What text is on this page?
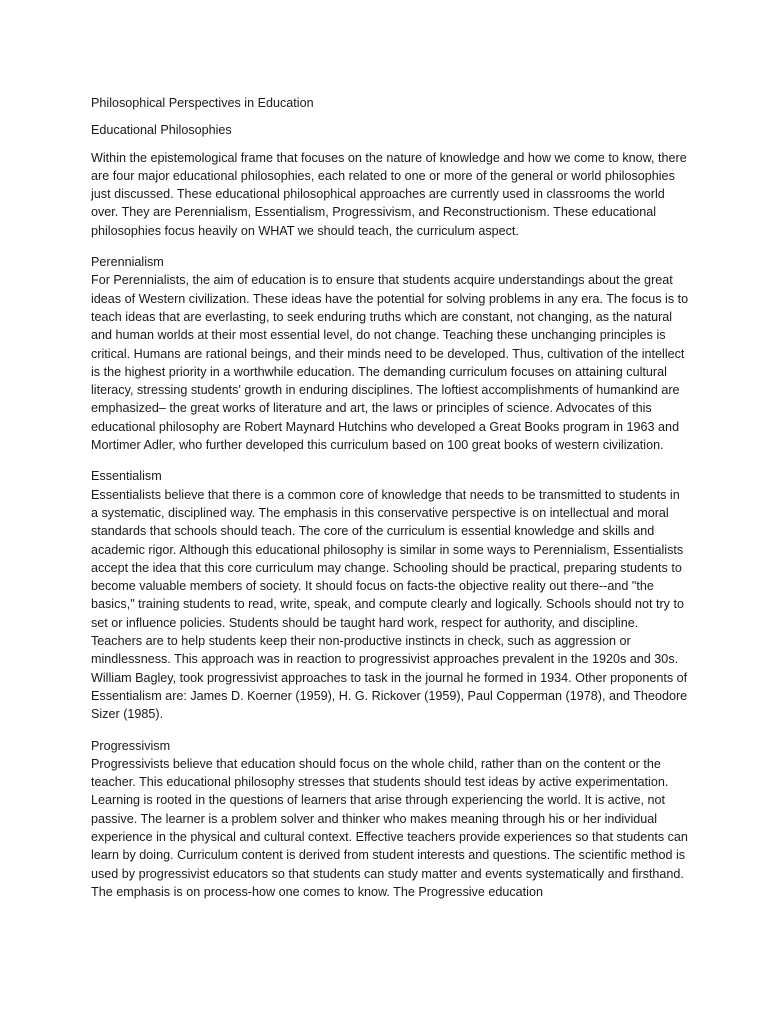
Philosophical Perspectives in Education

Educational Philosophies

Within the epistemological frame that focuses on the nature of knowledge and how we come to know, there are four major educational philosophies, each related to one or more of the general or world philosophies just discussed. These educational philosophical approaches are currently used in classrooms the world over. They are Perennialism, Essentialism, Progressivism, and Reconstructionism. These educational philosophies focus heavily on WHAT we should teach, the curriculum aspect.

Perennialism

For Perennialists, the aim of education is to ensure that students acquire understandings about the great ideas of Western civilization. These ideas have the potential for solving problems in any era. The focus is to teach ideas that are everlasting, to seek enduring truths which are constant, not changing, as the natural and human worlds at their most essential level, do not change. Teaching these unchanging principles is critical. Humans are rational beings, and their minds need to be developed. Thus, cultivation of the intellect is the highest priority in a worthwhile education. The demanding curriculum focuses on attaining cultural literacy, stressing students' growth in enduring disciplines. The loftiest accomplishments of humankind are emphasized– the great works of literature and art, the laws or principles of science. Advocates of this educational philosophy are Robert Maynard Hutchins who developed a Great Books program in 1963 and Mortimer Adler, who further developed this curriculum based on 100 great books of western civilization.

Essentialism

Essentialists believe that there is a common core of knowledge that needs to be transmitted to students in a systematic, disciplined way. The emphasis in this conservative perspective is on intellectual and moral standards that schools should teach. The core of the curriculum is essential knowledge and skills and academic rigor. Although this educational philosophy is similar in some ways to Perennialism, Essentialists accept the idea that this core curriculum may change. Schooling should be practical, preparing students to become valuable members of society. It should focus on facts-the objective reality out there--and "the basics," training students to read, write, speak, and compute clearly and logically. Schools should not try to set or influence policies. Students should be taught hard work, respect for authority, and discipline. Teachers are to help students keep their non-productive instincts in check, such as aggression or mindlessness. This approach was in reaction to progressivist approaches prevalent in the 1920s and 30s. William Bagley, took progressivist approaches to task in the journal he formed in 1934. Other proponents of Essentialism are: James D. Koerner (1959), H. G. Rickover (1959), Paul Copperman (1978), and Theodore Sizer (1985).

Progressivism

Progressivists believe that education should focus on the whole child, rather than on the content or the teacher. This educational philosophy stresses that students should test ideas by active experimentation. Learning is rooted in the questions of learners that arise through experiencing the world. It is active, not passive. The learner is a problem solver and thinker who makes meaning through his or her individual experience in the physical and cultural context. Effective teachers provide experiences so that students can learn by doing. Curriculum content is derived from student interests and questions. The scientific method is used by progressivist educators so that students can study matter and events systematically and firsthand. The emphasis is on process-how one comes to know. The Progressive education
